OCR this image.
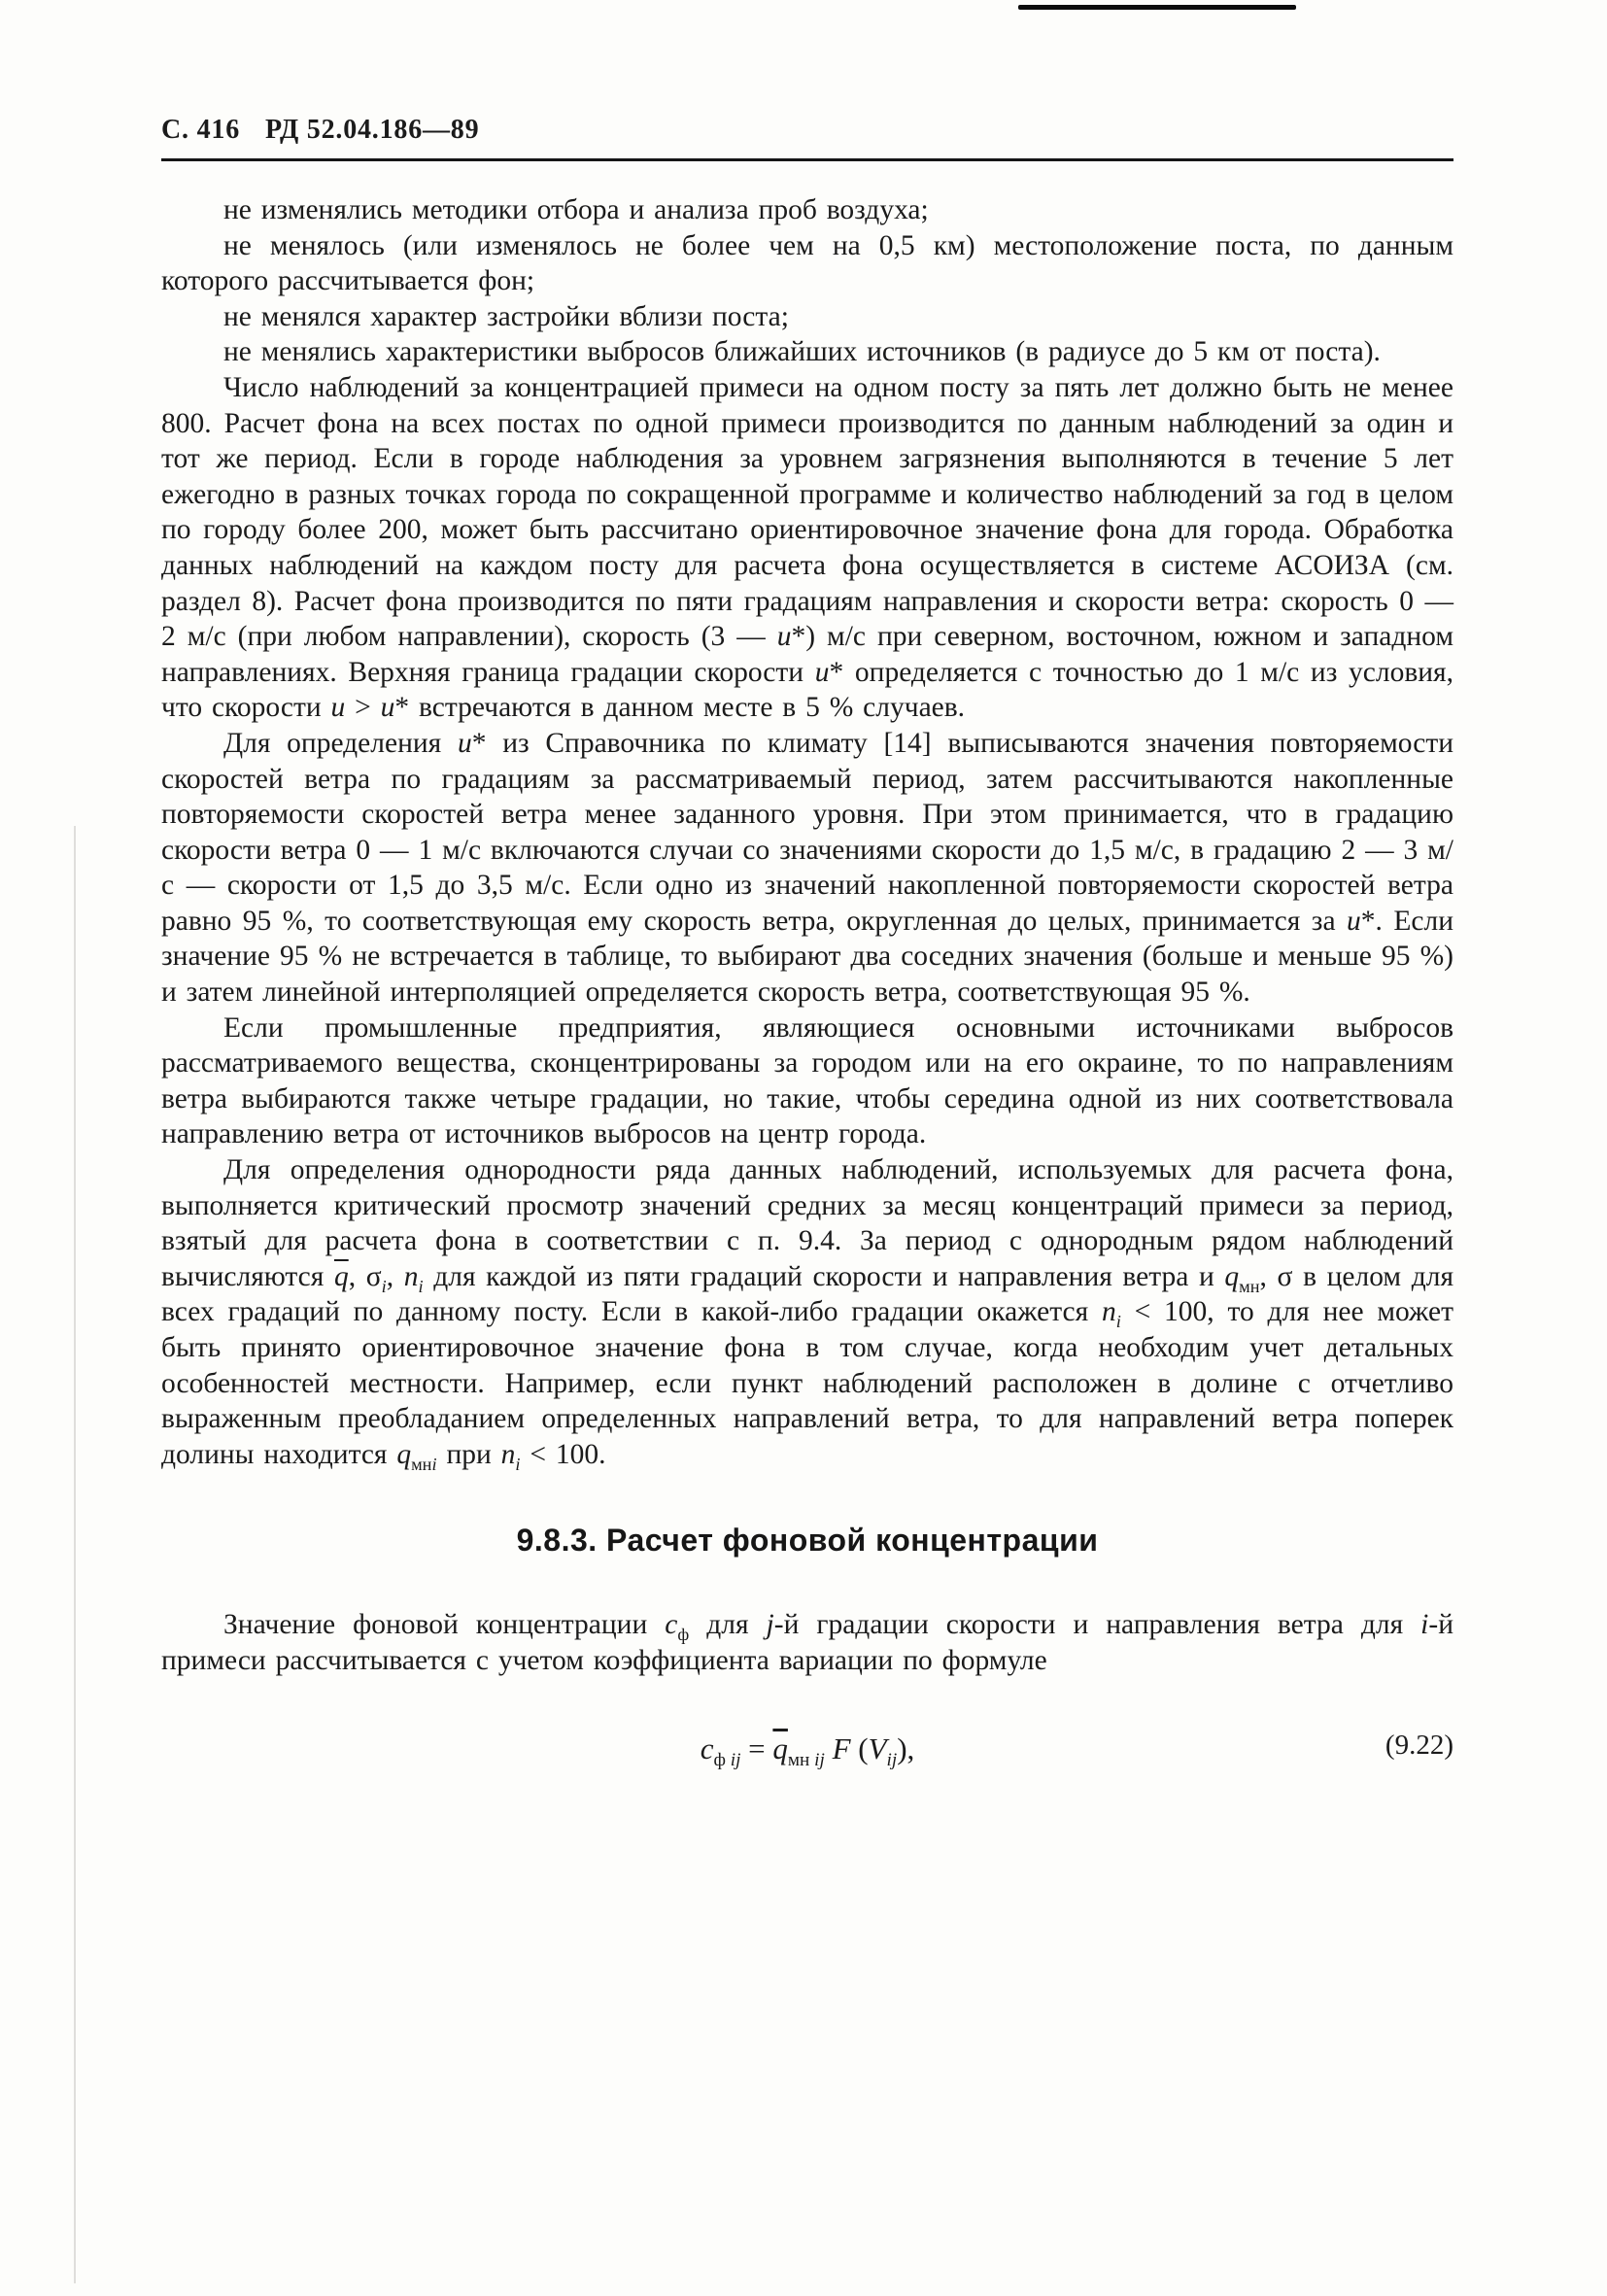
С. 416 РД 52.04.186—89

не изменялись методики отбора и анализа проб воздуха;

не менялось (или изменялось не более чем на 0,5 км) местоположение поста, по данным которого рассчитывается фон;

не менялся характер застройки вблизи поста;

не менялись характеристики выбросов ближайших источников (в радиусе до 5 км от поста).

Число наблюдений за концентрацией примеси на одном посту за пять лет должно быть не менее 800. Расчет фона на всех постах по одной примеси производится по данным наблюдений за один и тот же период. Если в городе наблюдения за уровнем загрязнения выполняются в течение 5 лет ежегодно в разных точках города по сокращенной программе и количество наблюдений за год в целом по городу более 200, может быть рассчитано ориентировочное значение фона для города. Обработка данных наблюдений на каждом посту для расчета фона осуществляется в системе АСОИЗА (см. раздел 8). Расчет фона производится по пяти градациям направления и скорости ветра: скорость 0 — 2 м/с (при любом направлении), скорость (3 — u*) м/с при северном, восточном, южном и западном направлениях. Верхняя граница градации скорости u* определяется с точностью до 1 м/с из условия, что скорости u > u* встречаются в данном месте в 5 % случаев.

Для определения u* из Справочника по климату [14] выписываются значения повторяемости скоростей ветра по градациям за рассматриваемый период, затем рассчитываются накопленные повторяемости скоростей ветра менее заданного уровня. При этом принимается, что в градацию скорости ветра 0 — 1 м/с включаются случаи со значениями скорости до 1,5 м/с, в градацию 2 — 3 м/с — скорости от 1,5 до 3,5 м/с. Если одно из значений накопленной повторяемости скоростей ветра равно 95 %, то соответствующая ему скорость ветра, округленная до целых, принимается за u*. Если значение 95 % не встречается в таблице, то выбирают два соседних значения (больше и меньше 95 %) и затем линейной интерполяцией определяется скорость ветра, соответствующая 95 %.

Если промышленные предприятия, являющиеся основными источниками выбросов рассматриваемого вещества, сконцентрированы за городом или на его окраине, то по направлениям ветра выбираются также четыре градации, но такие, чтобы середина одной из них соответствовала направлению ветра от источников выбросов на центр города.

Для определения однородности ряда данных наблюдений, используемых для расчета фона, выполняется критический просмотр значений средних за месяц концентраций примеси за период, взятый для расчета фона в соответствии с п. 9.4. За период с однородным рядом наблюдений вычисляются $\overline{q}$, $\sigma_i$, $n_i$ для каждой из пяти градаций скорости и направления ветра и $q_{мн}$, σ в целом для всех градаций по данному посту. Если в какой-либо градации окажется $n_i < 100$, то для нее может быть принято ориентировочное значение фона в том случае, когда необходим учет детальных особенностей местности. Например, если пункт наблюдений расположен в долине с отчетливо выраженным преобладанием определенных направлений ветра, то для направлений ветра поперек долины находится $q_{мнi}$ при $n_i < 100$.

9.8.3. Расчет фоновой концентрации

Значение фоновой концентрации $c_ф$ для j-й градации скорости и направления ветра для i-й примеси рассчитывается с учетом коэффициента вариации по формуле

$c_{ф ij} = \overline{q}_{мн ij}$ F $(V_{ij})$,	(9.22)
